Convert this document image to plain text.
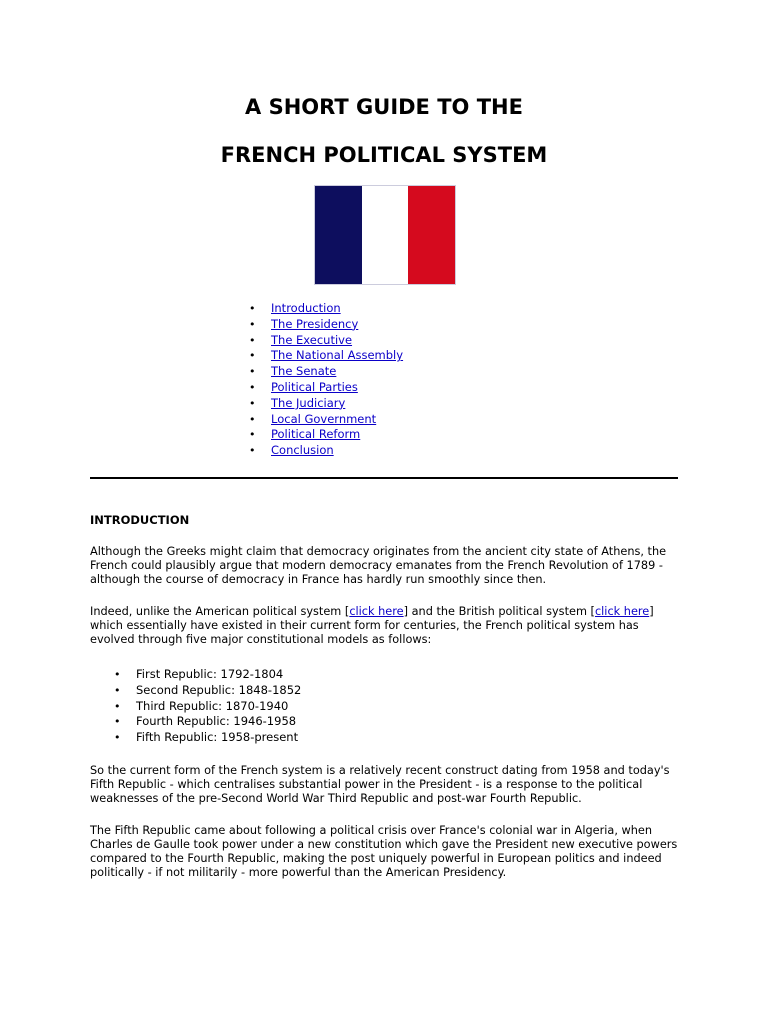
A SHORT GUIDE TO THE
FRENCH POLITICAL SYSTEM
• Introduction
• The Presidency
• The Executive
• The National Assembly
• The Senate
• Political Parties
• The Judiciary
• Local Government
• Political Reform
• Conclusion
INTRODUCTION

Although the Greeks might claim that democracy originates from the ancient city state of Athens, the French could plausibly argue that modern democracy emanates from the French Revolution of 1789 - although the course of democracy in France has hardly run smoothly since then.

Indeed, unlike the American political system [click here] and the British political system [click here] which essentially have existed in their current form for centuries, the French political system has evolved through five major constitutional models as follows:

• First Republic: 1792-1804
• Second Republic: 1848-1852
• Third Republic: 1870-1940
• Fourth Republic: 1946-1958
• Fifth Republic: 1958-present

So the current form of the French system is a relatively recent construct dating from 1958 and today's Fifth Republic - which centralises substantial power in the President - is a response to the political weaknesses of the pre-Second World War Third Republic and post-war Fourth Republic.

The Fifth Republic came about following a political crisis over France's colonial war in Algeria, when Charles de Gaulle took power under a new constitution which gave the President new executive powers compared to the Fourth Republic, making the post uniquely powerful in European politics and indeed politically - if not militarily - more powerful than the American Presidency.
